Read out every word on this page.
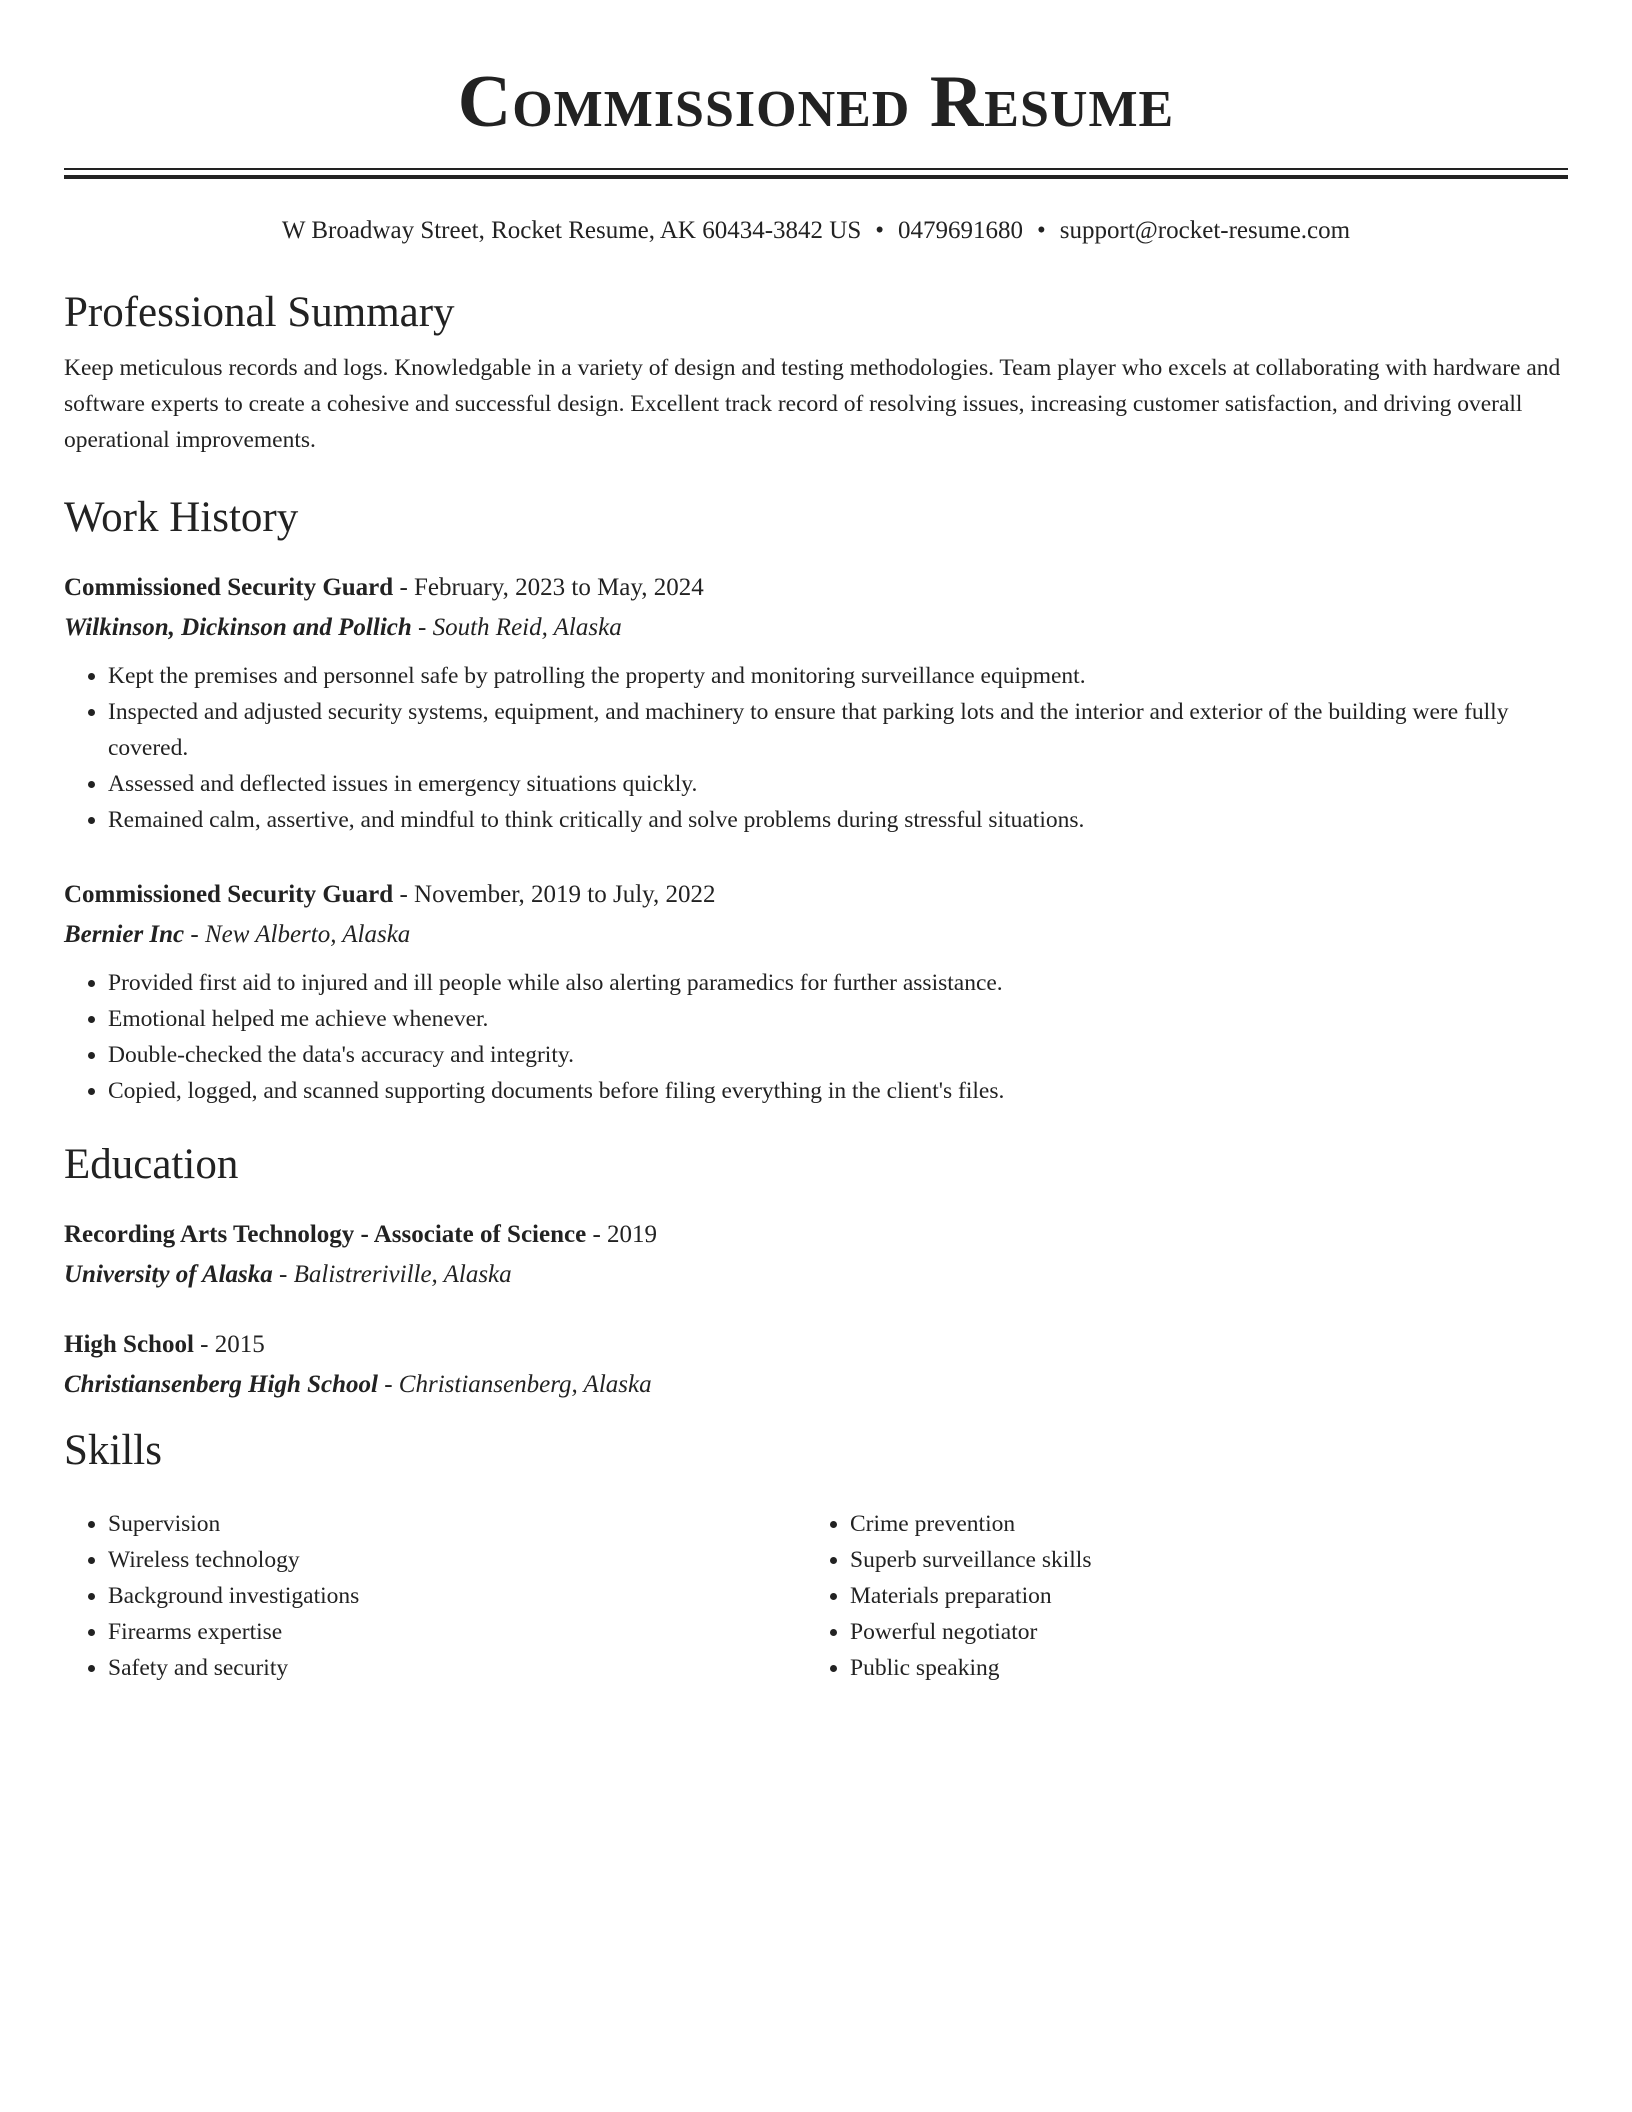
Commissioned Resume
W Broadway Street, Rocket Resume, AK 60434-3842 US • 0479691680 • support@rocket-resume.com
Professional Summary

Keep meticulous records and logs. Knowledgable in a variety of design and testing methodologies. Team player who excels at collaborating with hardware and software experts to create a cohesive and successful design. Excellent track record of resolving issues, increasing customer satisfaction, and driving overall operational improvements.

Work History

Commissioned Security Guard - February, 2023 to May, 2024

Wilkinson, Dickinson and Pollich - South Reid, Alaska

• Kept the premises and personnel safe by patrolling the property and monitoring surveillance equipment.
• Inspected and adjusted security systems, equipment, and machinery to ensure that parking lots and the interior and exterior of the building were fully covered.
• Assessed and deflected issues in emergency situations quickly.
• Remained calm, assertive, and mindful to think critically and solve problems during stressful situations.

Commissioned Security Guard - November, 2019 to July, 2022

Bernier Inc - New Alberto, Alaska

• Provided first aid to injured and ill people while also alerting paramedics for further assistance.
• Emotional helped me achieve whenever.
• Double-checked the data's accuracy and integrity.
• Copied, logged, and scanned supporting documents before filing everything in the client's files.
Education

Recording Arts Technology - Associate of Science - 2019

University of Alaska - Balistreriville, Alaska

High School - 2015

Christiansenberg High School - Christiansenberg, Alaska

Skills
• Supervision
• Wireless technology
• Background investigations
• Firearms expertise
• Safety and security
• Crime prevention
• Superb surveillance skills
• Materials preparation
• Powerful negotiator
• Public speaking
